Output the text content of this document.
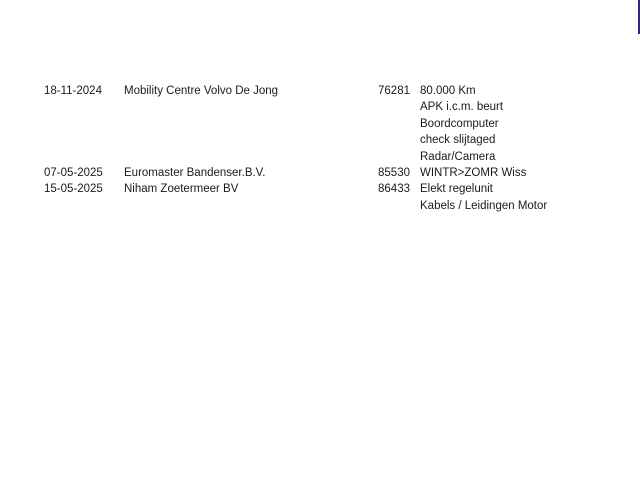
18-11-2024	Mobility Centre Volvo De Jong	76281	80.000 Km
APK i.c.m. beurt
Boordcomputer
check slijtaged
Radar/Camera

07-05-2025	Euromaster Bandenser.B.V.	85530	WINTR>ZOMR Wiss

15-05-2025	Niham Zoetermeer BV	86433	Elekt regelunit
Kabels / Leidingen Motor
